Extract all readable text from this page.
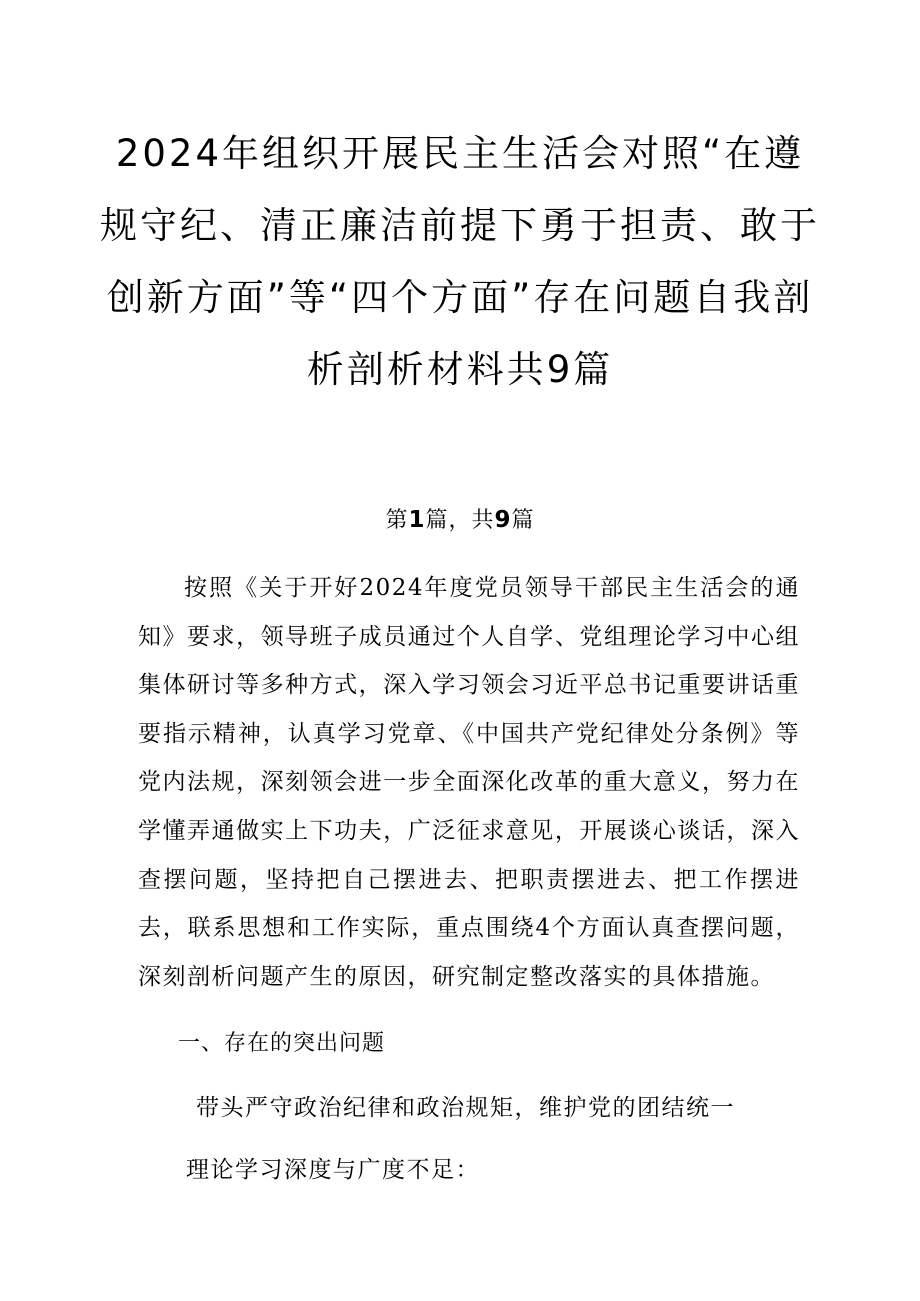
2024年组织开展民主生活会对照“在遵规守纪、清正廉洁前提下勇于担责、敢于创新方面”等“四个方面”存在问题自我剖析剖析材料共9篇
第1篇，共9篇

按照《关于开好2024年度党员领导干部民主生活会的通知》要求，领导班子成员通过个人自学、党组理论学习中心组集体研讨等多种方式，深入学习领会习近平总书记重要讲话重要指示精神，认真学习党章、《中国共产党纪律处分条例》等党内法规，深刻领会进一步全面深化改革的重大意义，努力在学懂弄通做实上下功夫，广泛征求意见，开展谈心谈话，深入查摆问题，坚持把自己摆进去、把职责摆进去、把工作摆进去，联系思想和工作实际，重点围绕4个方面认真查摆问题，深刻剖析问题产生的原因，研究制定整改落实的具体措施。

一、存在的突出问题

带头严守政治纪律和政治规矩，维护党的团结统一

理论学习深度与广度不足：
